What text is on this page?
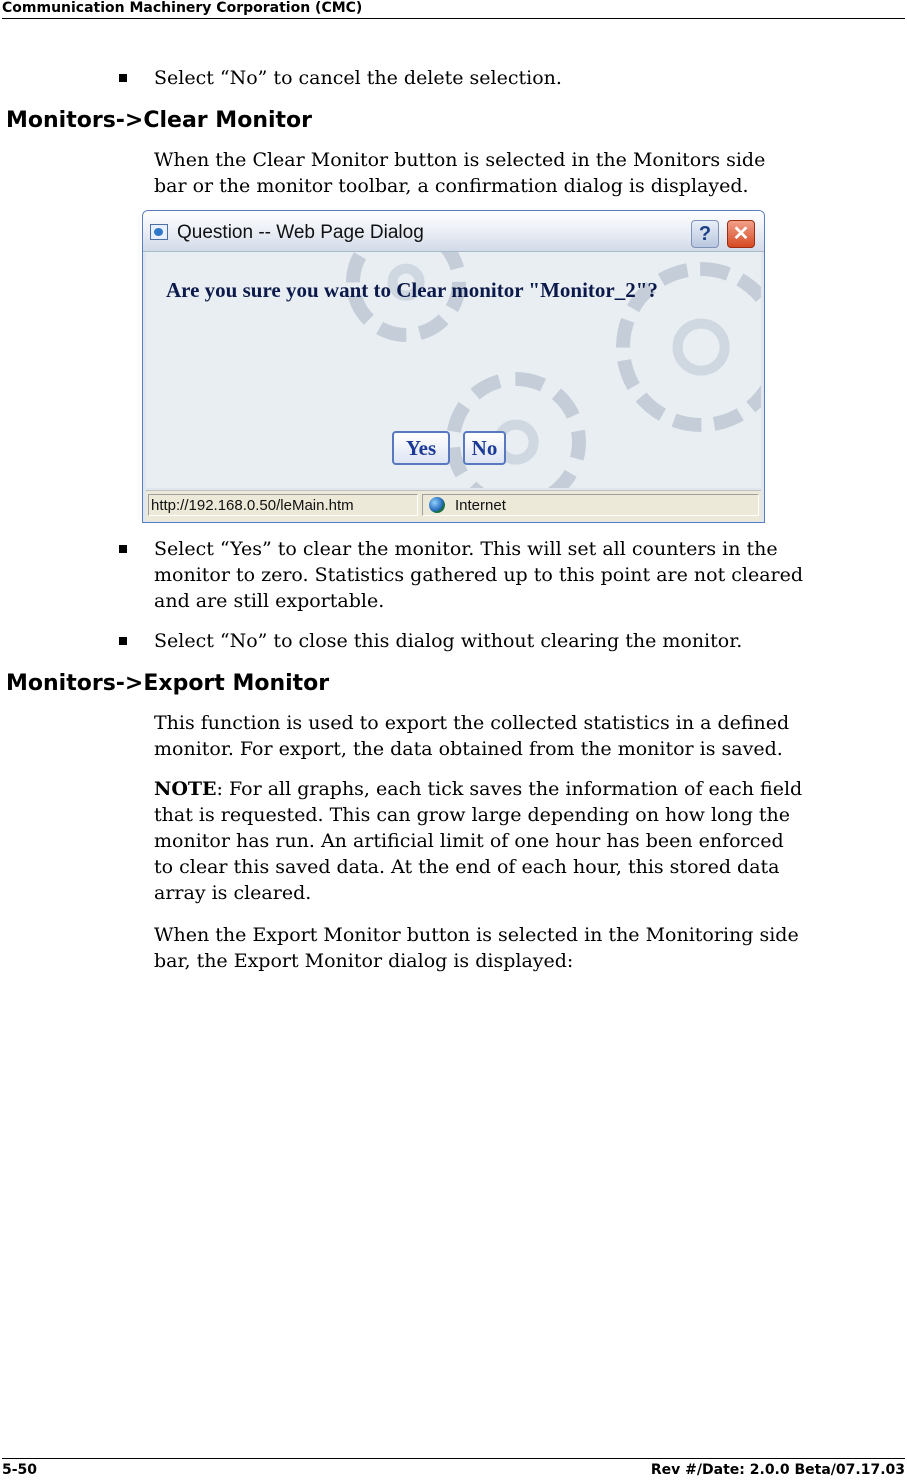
Communication Machinery Corporation (CMC)
Select “No” to cancel the delete selection.
Monitors->Clear Monitor
When the Clear Monitor button is selected in the Monitors side
bar or the monitor toolbar, a confirmation dialog is displayed.
Question -- Web Page Dialog	?	✕
Are you sure you want to Clear monitor "Monitor_2"?
Yes	No
http://192.168.0.50/leMain.htm	Internet
Select “Yes” to clear the monitor. This will set all counters in the
monitor to zero. Statistics gathered up to this point are not cleared
and are still exportable.
Select “No” to close this dialog without clearing the monitor.
Monitors->Export Monitor
This function is used to export the collected statistics in a defined
monitor. For export, the data obtained from the monitor is saved.
NOTE: For all graphs, each tick saves the information of each field
that is requested. This can grow large depending on how long the
monitor has run. An artificial limit of one hour has been enforced
to clear this saved data. At the end of each hour, this stored data
array is cleared.
When the Export Monitor button is selected in the Monitoring side
bar, the Export Monitor dialog is displayed:
5-50	Rev #/Date: 2.0.0 Beta/07.17.03
